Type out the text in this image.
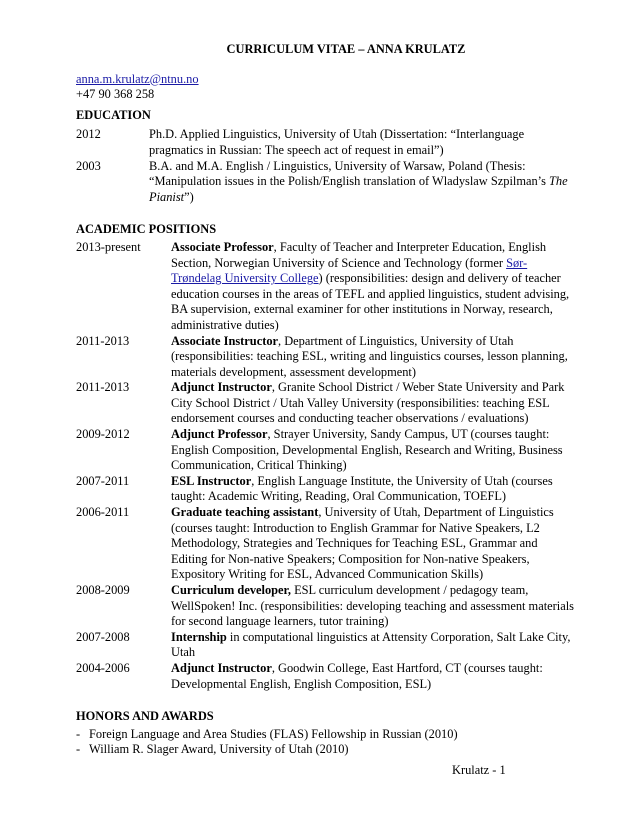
CURRICULUM VITAE – ANNA KRULATZ
anna.m.krulatz@ntnu.no
+47 90 368 258
EDUCATION
2012	Ph.D. Applied Linguistics, University of Utah (Dissertation: “Interlanguage pragmatics in Russian: The speech act of request in email”)
2003	B.A. and M.A. English / Linguistics, University of Warsaw, Poland (Thesis: “Manipulation issues in the Polish/English translation of Wladyslaw Szpilman’s The Pianist”)
ACADEMIC POSITIONS
2013-present	Associate Professor, Faculty of Teacher and Interpreter Education, English Section, Norwegian University of Science and Technology (former Sør-Trøndelag University College) (responsibilities: design and delivery of teacher education courses in the areas of TEFL and applied linguistics, student advising, BA supervision, external examiner for other institutions in Norway, research, administrative duties)
2011-2013	Associate Instructor, Department of Linguistics, University of Utah (responsibilities: teaching ESL, writing and linguistics courses, lesson planning, materials development, assessment development)
2011-2013	Adjunct Instructor, Granite School District / Weber State University and Park City School District / Utah Valley University (responsibilities: teaching ESL endorsement courses and conducting teacher observations / evaluations)
2009-2012	Adjunct Professor, Strayer University, Sandy Campus, UT (courses taught: English Composition, Developmental English, Research and Writing, Business Communication, Critical Thinking)
2007-2011	ESL Instructor, English Language Institute, the University of Utah (courses taught: Academic Writing, Reading, Oral Communication, TOEFL)
2006-2011	Graduate teaching assistant, University of Utah, Department of Linguistics (courses taught: Introduction to English Grammar for Native Speakers, L2 Methodology, Strategies and Techniques for Teaching ESL, Grammar and Editing for Non-native Speakers; Composition for Non-native Speakers, Expository Writing for ESL, Advanced Communication Skills)
2008-2009	Curriculum developer, ESL curriculum development / pedagogy team, WellSpoken! Inc. (responsibilities: developing teaching and assessment materials for second language learners, tutor training)
2007-2008	Internship in computational linguistics at Attensity Corporation, Salt Lake City, Utah
2004-2006	Adjunct Instructor, Goodwin College, East Hartford, CT (courses taught: Developmental English, English Composition, ESL)
HONORS AND AWARDS
- Foreign Language and Area Studies (FLAS) Fellowship in Russian (2010)
- William R. Slager Award, University of Utah (2010)
Krulatz - 1
